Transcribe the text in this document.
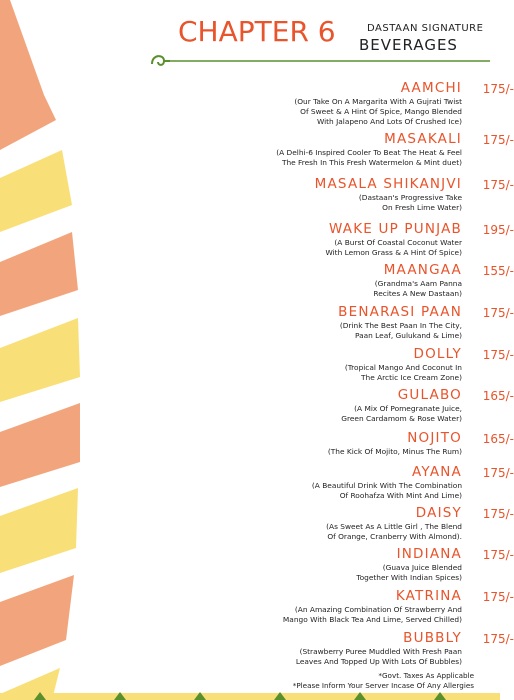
CHAPTER 6	DASTAAN SIGNATURE
BEVERAGES
AAMCHI
(Our Take On A Margarita With A Gujrati Twist
Of Sweet & A Hint Of Spice, Mango Blended
With Jalapeno And Lots Of Crushed Ice)
175/-
MASAKALI
(A Delhi-6 Inspired Cooler To Beat The Heat & Feel
The Fresh In This Fresh Watermelon & Mint duet)
175/-
MASALA SHIKANJVI
(Dastaan's Progressive Take
On Fresh Lime Water)
175/-
WAKE UP PUNJAB
(A Burst Of Coastal Coconut Water
With Lemon Grass & A Hint Of Spice)
195/-
MAANGAA
(Grandma's Aam Panna
Recites A New Dastaan)
155/-
BENARASI PAAN
(Drink The Best Paan In The City,
Paan Leaf, Gulukand & Lime)
175/-
DOLLY
(Tropical Mango And Coconut In
The Arctic Ice Cream Zone)
175/-
GULABO
(A Mix Of Pomegranate Juice,
Green Cardamom & Rose Water)
165/-
NOJITO
(The Kick Of Mojito, Minus The Rum)
165/-
AYANA
(A Beautiful Drink With The Combination
Of Roohafza With Mint And Lime)
175/-
DAISY
(As Sweet As A Little Girl , The Blend
Of Orange, Cranberry With Almond).
175/-
INDIANA
(Guava Juice Blended
Together With Indian Spices)
175/-
KATRINA
(An Amazing Combination Of Strawberry And
Mango With Black Tea And Lime, Served Chilled)
175/-
BUBBLY
(Strawberry Puree Muddled With Fresh Paan
Leaves And Topped Up With Lots Of Bubbles)
175/-
*Govt. Taxes As Applicable
*Please Inform Your Server Incase Of Any Allergies
